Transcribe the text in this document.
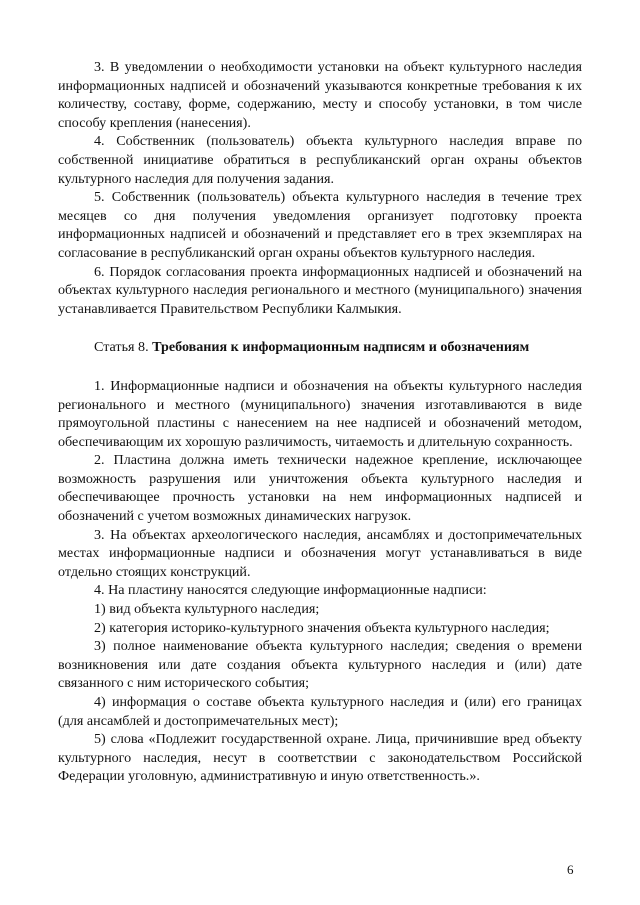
3. В уведомлении о необходимости установки на объект культурного наследия информационных надписей и обозначений указываются конкретные требования к их количеству, составу, форме, содержанию, месту и способу установки, в том числе способу крепления (нанесения).

4. Собственник (пользователь) объекта культурного наследия вправе по собственной инициативе обратиться в республиканский орган охраны объектов культурного наследия для получения задания.

5. Собственник (пользователь) объекта культурного наследия в течение трех месяцев со дня получения уведомления организует подготовку проекта информационных надписей и обозначений и представляет его в трех экземплярах на согласование в республиканский орган охраны объектов культурного наследия.

6. Порядок согласования проекта информационных надписей и обозначений на объектах культурного наследия регионального и местного (муниципального) значения устанавливается Правительством Республики Калмыкия.

Статья 8. Требования к информационным надписям и обозначениям

1. Информационные надписи и обозначения на объекты культурного наследия регионального и местного (муниципального) значения изготавливаются в виде прямоугольной пластины с нанесением на нее надписей и обозначений методом, обеспечивающим их хорошую различимость, читаемость и длительную сохранность.

2. Пластина должна иметь технически надежное крепление, исключающее возможность разрушения или уничтожения объекта культурного наследия и обеспечивающее прочность установки на нем информационных надписей и обозначений с учетом возможных динамических нагрузок.

3. На объектах археологического наследия, ансамблях и достопримечательных местах информационные надписи и обозначения могут устанавливаться в виде отдельно стоящих конструкций.

4. На пластину наносятся следующие информационные надписи:

1) вид объекта культурного наследия;

2) категория историко-культурного значения объекта культурного наследия;

3) полное наименование объекта культурного наследия; сведения о времени возникновения или дате создания объекта культурного наследия и (или) дате связанного с ним исторического события;

4) информация о составе объекта культурного наследия и (или) его границах (для ансамблей и достопримечательных мест);

5) слова «Подлежит государственной охране. Лица, причинившие вред объекту культурного наследия, несут в соответствии с законодательством Российской Федерации уголовную, административную и иную ответственность.».

6
